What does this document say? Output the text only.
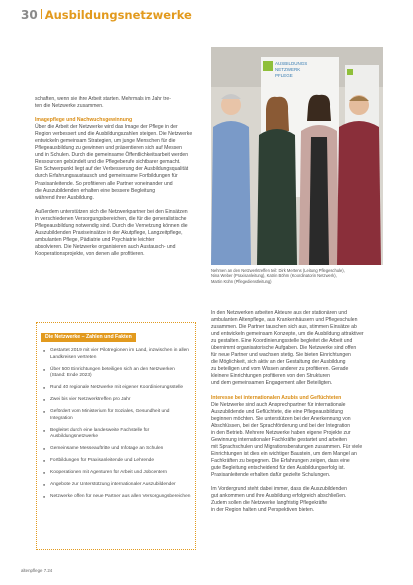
30 Ausbildungsnetzwerke

schaften, wenn sie ihre Arbeit starten. Mehrmals im Jahr tre-

ten die Netzwerke zusammen.

Imagepflege und Nachwuchsgewinnung

Über die Arbeit der Netzwerke wird das Image der Pflege in der

Region verbessert und die Ausbildungszahlen steigen. Die Netzwerke

entwickeln gemeinsam Strategien, um junge Menschen für die

Pflegeausbildung zu gewinnen und präsentieren sich auf Messen

und in Schulen. Durch die gemeinsame Öffentlichkeitsarbeit werden

Ressourcen gebündelt und die Pflegeberufe sichtbarer gemacht.

Ein Schwerpunkt liegt auf der Verbesserung der Ausbildungsqualität

durch Erfahrungsaustausch und gemeinsame Fortbildungen für

Praxisanleitende. So profitieren alle Partner voneinander und

die Auszubildenden erhalten eine bessere Begleitung

während ihrer Ausbildung.

Außerdem unterstützen sich die Netzwerkpartner bei den Einsätzen

in verschiedenen Versorgungsbereichen, die für die generalistische

Pflegeausbildung notwendig sind. Durch die Vernetzung können die

Auszubildenden Praxiseinsätze in der Akutpflege, Langzeitpflege,

ambulanten Pflege, Pädiatrie und Psychiatrie leichter

absolvieren. Die Netzwerke organisieren auch Austausch- und

Kooperationsprojekte, von denen alle profitieren.

AUSBILDUNGS
NETZWERK
PFLEGE

Nehmen an den Netzwerktreffen teil: Dirk Mertens (Leitung Pflegeschule),

Nina Weber (Praxisanleitung), Katrin Böhm (Koordinatorin Netzwerk),

Martin Kühn (Pflegedienstleitung)

In den Netzwerken arbeiten Akteure aus der stationären und

ambulanten Altenpflege, aus Krankenhäusern und Pflegeschulen

zusammen. Die Partner tauschen sich aus, stimmen Einsätze ab

und entwickeln gemeinsam Konzepte, um die Ausbildung attraktiver

zu gestalten. Eine Koordinierungsstelle begleitet die Arbeit und

übernimmt organisatorische Aufgaben. Die Netzwerke sind offen

für neue Partner und wachsen stetig. Sie bieten Einrichtungen

die Möglichkeit, sich aktiv an der Gestaltung der Ausbildung

zu beteiligen und vom Wissen anderer zu profitieren. Gerade

kleinere Einrichtungen profitieren von den Strukturen

und dem gemeinsamen Engagement aller Beteiligten.

Interesse bei internationalen Azubis und Geflüchteten

Die Netzwerke sind auch Ansprechpartner für internationale

Auszubildende und Geflüchtete, die eine Pflegeausbildung

beginnen möchten. Sie unterstützen bei der Anerkennung von

Abschlüssen, bei der Sprachförderung und bei der Integration

in den Betrieb. Mehrere Netzwerke haben eigene Projekte zur

Gewinnung internationaler Fachkräfte gestartet und arbeiten

mit Sprachschulen und Migrationsberatungen zusammen. Für viele

Einrichtungen ist dies ein wichtiger Baustein, um dem Mangel an

Fachkräften zu begegnen. Die Erfahrungen zeigen, dass eine

gute Begleitung entscheidend für den Ausbildungserfolg ist.

Praxisanleitende erhalten dafür gezielte Schulungen.

Im Vordergrund steht dabei immer, dass die Auszubildenden

gut ankommen und ihre Ausbildung erfolgreich abschließen.

Zudem sollen die Netzwerke langfristig Pflegekräfte

in der Region halten und Perspektiven bieten.

Die Netzwerke – Zahlen und Fakten
■ Gestartet 2019 mit vier Pilotregionen im Land, inzwischen in allen Landkreisen vertreten
■ Über 500 Einrichtungen beteiligen sich an den Netzwerken (Stand: Ende 2023)
■ Rund 40 regionale Netzwerke mit eigener Koordinierungsstelle
■ Zwei bis vier Netzwerktreffen pro Jahr
■ Gefördert vom Ministerium für Soziales, Gesundheit und Integration
■ Begleitet durch eine landesweite Fachstelle für Ausbildungsnetzwerke
■ Gemeinsame Messeauftritte und Infotage an Schulen
■ Fortbildungen für Praxisanleitende und Lehrende
■ Kooperationen mit Agenturen für Arbeit und Jobcentern
■ Angebote zur Unterstützung internationaler Auszubildender
■ Netzwerke offen für neue Partner aus allen Versorgungsbereichen
altenpflege 7.24
